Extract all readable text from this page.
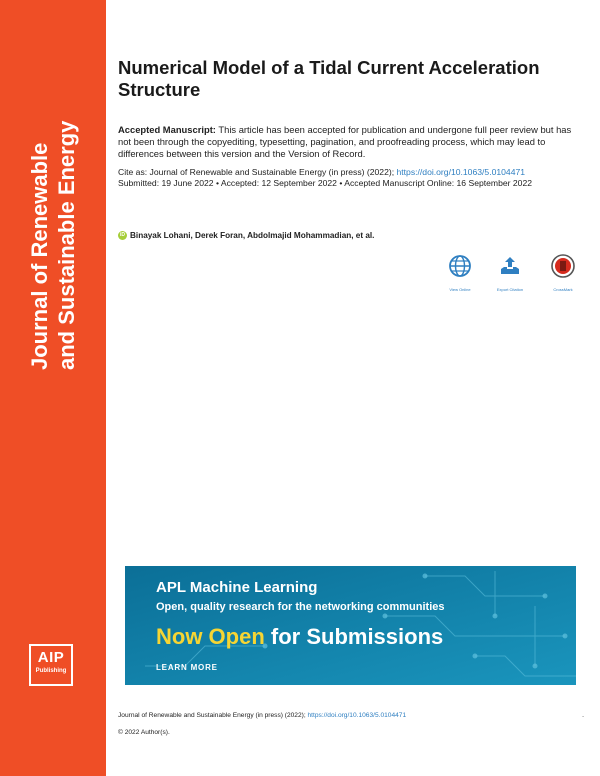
Journal of Renewable and Sustainable Energy
AIP
Publishing
Numerical Model of a Tidal Current Acceleration Structure
Accepted Manuscript: This article has been accepted for publication and undergone full peer review but has not been through the copyediting, typesetting, pagination, and proofreading process, which may lead to differences between this version and the Version of Record.
Cite as: Journal of Renewable and Sustainable Energy (in press) (2022); https://doi.org/10.1063/5.0104471
Submitted: 19 June 2022 • Accepted: 12 September 2022 • Accepted Manuscript Online: 16 September 2022
iD Binayak Lohani, Derek Foran, Abdolmajid Mohammadian, et al.
View Online	Export Citation	CrossMark
APL Machine Learning
Open, quality research for the networking communities
Now Open for Submissions
LEARN MORE
Journal of Renewable and Sustainable Energy (in press) (2022); https://doi.org/10.1063/5.0104471	.
© 2022 Author(s).
